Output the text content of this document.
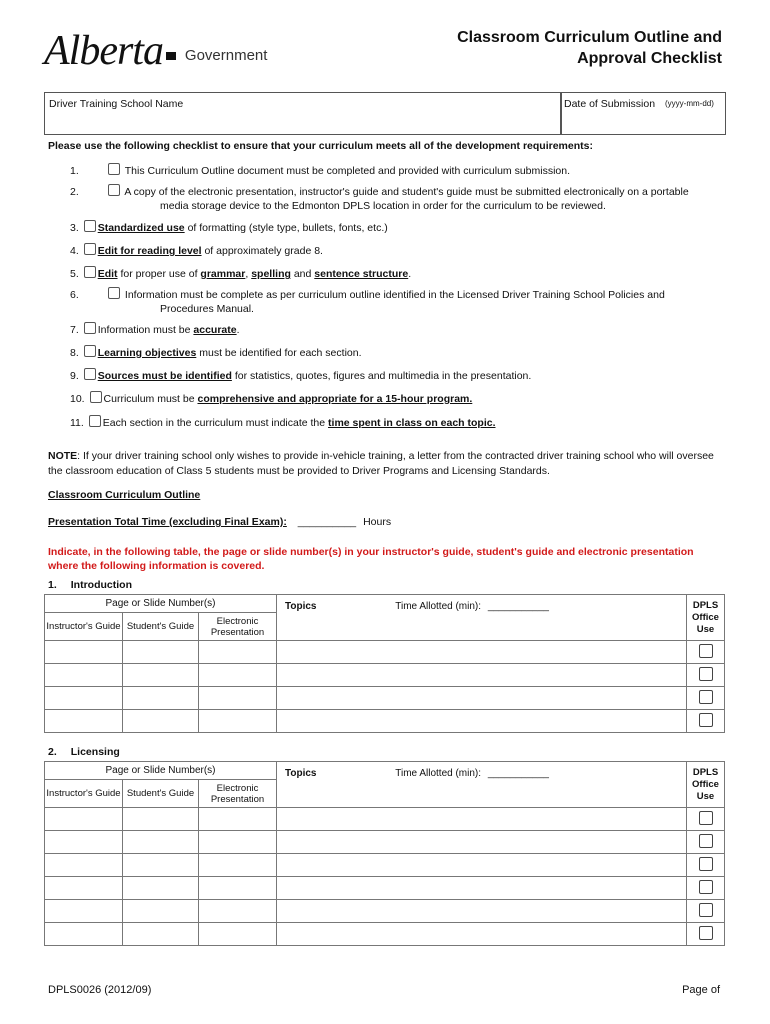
Alberta Government
Classroom Curriculum Outline and
Approval Checklist
Driver Training School Name	Date of Submission (yyyy-mm-dd)
Please use the following checklist to ensure that your curriculum meets all of the development requirements:
1.	This Curriculum Outline document must be completed and provided with curriculum submission.
2.	A copy of the electronic presentation, instructor's guide and student's guide must be submitted electronically on a portable
media storage device to the Edmonton DPLS location in order for the curriculum to be reviewed.
3. Standardized use of formatting (style type, bullets, fonts, etc.)
4. Edit for reading level of approximately grade 8.
5. Edit for proper use of grammar, spelling and sentence structure.
6.	Information must be complete as per curriculum outline identified in the Licensed Driver Training School Policies and
Procedures Manual.
7. Information must be accurate.
8. Learning objectives must be identified for each section.
9. Sources must be identified for statistics, quotes, figures and multimedia in the presentation.
10. Curriculum must be comprehensive and appropriate for a 15-hour program.
11. Each section in the curriculum must indicate the time spent in class on each topic.
NOTE: If your driver training school only wishes to provide in-vehicle training, a letter from the contracted driver training school who will oversee the classroom education of Class 5 students must be provided to Driver Programs and Licensing Standards.
Classroom Curriculum Outline
Presentation Total Time (excluding Final Exam): __________ Hours
Indicate, in the following table, the page or slide number(s) in your instructor's guide, student's guide and electronic presentation where the following information is covered.
1. Introduction
Page or Slide Number(s)			Topics Time Allotted (min): ___________	DPLS Office Use
Instructor's Guide	Student's Guide	Electronic Presentation		

2. Licensing
Page or Slide Number(s)			Topics Time Allotted (min): ___________	DPLS Office Use
Instructor's Guide	Student's Guide	Electronic Presentation		

DPLS0026 (2012/09)	Page of
